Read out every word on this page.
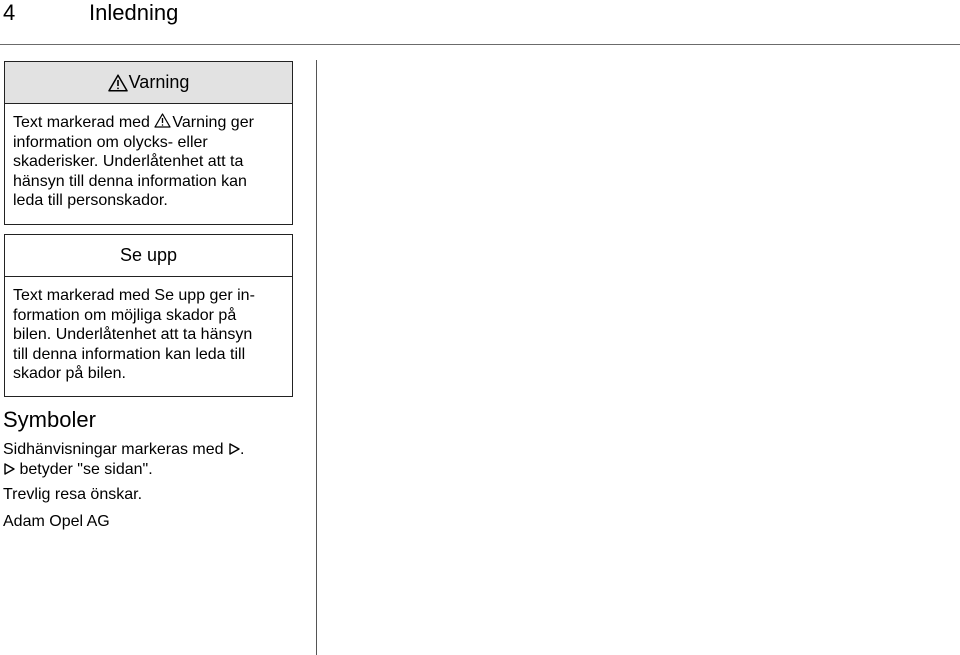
4	Inledning
Varning
Text markerad med Varning ger
information om olycks- eller
skaderisker. Underlåtenhet att ta
hänsyn till denna information kan
leda till personskador.
Se upp
Text markerad med Se upp ger in-
formation om möjliga skador på
bilen. Underlåtenhet att ta hänsyn
till denna information kan leda till
skador på bilen.
Symboler
Sidhänvisningar markeras med .
betyder "se sidan".
Trevlig resa önskar.
Adam Opel AG
